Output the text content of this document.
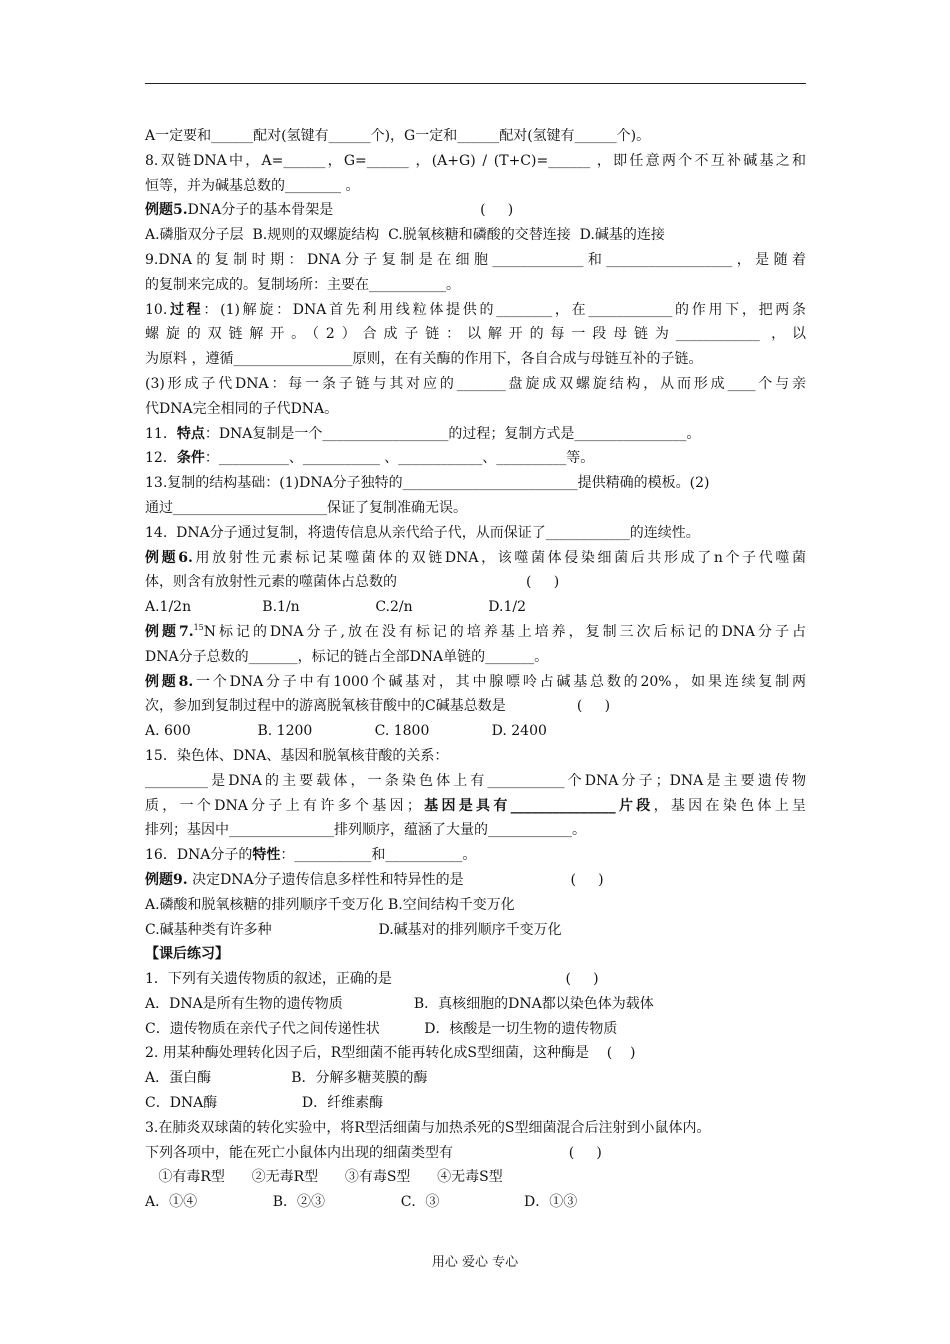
A一定要和______配对(氢键有______个)，G一定和______配对(氢键有______个)。
8.双链DNA中，A=______，G=______ ，(A+G) / (T+C)=______ ，即任意两个不互补碱基之和
恒等，并为碱基总数的________ 。
例题5.DNA分子的基本骨架是                                 (     )
A.磷脂双分子层  B.规则的双螺旋结构  C.脱氧核糖和磷酸的交替连接  D.碱基的连接
9.DNA的复制时期：DNA分子复制是在细胞_____________和__________________，是随着
的复制来完成的。复制场所：主要在___________。
10.过程：(1)解旋：DNA首先利用线粒体提供的________，在____________的作用下，把两条
螺旋的双链解开。（2）合成子链：以解开的每一段母链为____________ ，以
为原料 ，遵循_________________原则，在有关酶的作用下，各自合成与母链互补的子链。
(3)形成子代DNA：每一条子链与其对应的_______盘旋成双螺旋结构，从而形成____个与亲
代DNA完全相同的子代DNA。
11．特点：DNA复制是一个__________________的过程；复制方式是________________。
12．条件：__________、___________ 、____________、__________等。
13.复制的结构基础：(1)DNA分子独特的_________________________提供精确的模板。(2)
通过______________________保证了复制准确无误。
14.  DNA分子通过复制，将遗传信息从亲代给子代，从而保证了____________的连续性。
例题6.用放射性元素标记某噬菌体的双链DNA，该噬菌体侵染细菌后共形成了n个子代噬菌
体，则含有放射性元素的噬菌体占总数的                             (     )
A.1/2n                B.1/n                 C.2/n                 D.1/2
例题7.15N标记的DNA分子,放在没有标记的培养基上培养，复制三次后标记的DNA分子占
DNA分子总数的_______，标记的链占全部DNA单链的_______。
例题8.一个DNA分子中有1000个碱基对，其中腺嘌呤占碱基总数的20%，如果连续复制两
次，参加到复制过程中的游离脱氧核苷酸中的C碱基总数是                (     )
A. 600               B. 1200              C. 1800              D. 2400
15．染色体、DNA、基因和脱氧核苷酸的关系：
_________是DNA的主要载体，一条染色体上有___________个DNA分子；DNA是主要遗传物
质，一个DNA分子上有许多个基因；基因是具有_______________片段，基因在染色体上呈
排列；基因中_______________排列顺序，蕴涵了大量的____________。
16．DNA分子的特性：___________和___________。
例题9. 决定DNA分子遗传信息多样性和特异性的是                        (     )
A.磷酸和脱氧核糖的排列顺序千变万化 B.空间结构千变万化
C.碱基种类有许多种                        D.碱基对的排列顺序千变万化
【课后练习】
1．下列有关遗传物质的叙述，正确的是                                       (     )
A．DNA是所有生物的遗传物质                B．真核细胞的DNA都以染色体为载体
C．遗传物质在亲代子代之间传递性状          D．核酸是一切生物的遗传物质
2. 用某种酶处理转化因子后，R型细菌不能再转化成S型细菌，这种酶是    (    )
A．蛋白酶                  B．分解多糖荚膜的酶
C．DNA酶                   D．纤维素酶
3.在肺炎双球菌的转化实验中，将R型活细菌与加热杀死的S型细菌混合后注射到小鼠体内。
下列各项中，能在死亡小鼠体内出现的细菌类型有                          (     )
①有毒R型      ②无毒R型      ③有毒S型      ④无毒S型
A．①④                 B．②③                 C．③                   D．①③
用心 爱心 专心
